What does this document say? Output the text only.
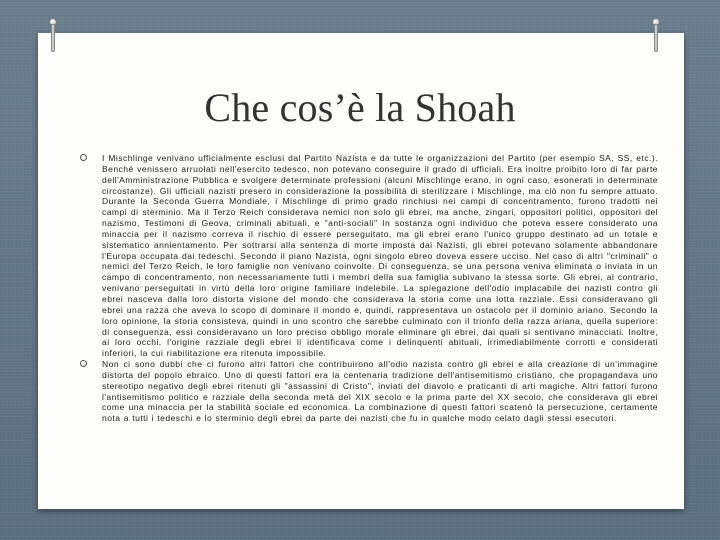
Che cos’è la Shoah
I Mischlinge venivano ufficialmente esclusi dal Partito Nazista e da tutte le organizzazioni del Partito (per esempio SA, SS, etc.). Benché venissero arruolati nell'esercito tedesco, non potevano conseguire il grado di ufficiali. Era inoltre proibito loro di far parte dell'Amministrazione Pubblica e svolgere determinate professioni (alcuni Mischlinge erano, in ogni caso, esonerati in determinate circostanze). Gli ufficiali nazisti presero in considerazione la possibilità di sterilizzare i Mischlinge, ma ciò non fu sempre attuato. Durante la Seconda Guerra Mondiale, i Mischlinge di primo grado rinchiusi nei campi di concentramento, furono tradotti nei campi di sterminio. Ma il Terzo Reich considerava nemici non solo gli ebrei, ma anche, zingari, oppositori politici, oppositori del nazismo, Testimoni di Geova, criminali abituali, e "anti-sociali" In sostanza ogni individuo che poteva essere considerato una minaccia per il nazismo correva il rischio di essere perseguitato, ma gli ebrei erano l'unico gruppo destinato ad un totale e sistematico annientamento. Per sottrarsi alla sentenza di morte imposta dai Nazisti, gli ebrei potevano solamente abbandonare l'Europa occupata dai tedeschi. Secondo il piano Nazista, ogni singolo ebreo doveva essere ucciso. Nel caso di altri "criminali" o nemici del Terzo Reich, le loro famiglie non venivano coinvolte. Di conseguenza, se una persona veniva eliminata o inviata in un campo di concentramento, non necessariamente tutti i membri della sua famiglia subivano la stessa sorte. Gli ebrei, al contrario, venivano perseguitati in virtù della loro origine familiare indelebile. La spiegazione dell'odio implacabile dei nazisti contro gli ebrei nasceva dalla loro distorta visione del mondo che considerava la storia come una lotta razziale. Essi consideravano gli ebrei una razza che aveva lo scopo di dominare il mondo e, quindi, rappresentava un ostacolo per il dominio ariano. Secondo la loro opinione, la storia consisteva, quindi in uno scontro che sarebbe culminato con il trionfo della razza ariana, quella superiore: di conseguenza, essi consideravano un loro preciso obbligo morale eliminare gli ebrei, dai quali si sentivano minacciati. Inoltre, ai loro occhi, l'origine razziale degli ebrei li identificava come i delinquenti abituali, irrimediabilmente corrotti e considerati inferiori, la cui riabilitazione era ritenuta impossibile.
Non ci sono dubbi che ci furono altri fattori che contribuirono all'odio nazista contro gli ebrei e alla creazione di un'immagine distorta del popolo ebraico. Uno di questi fattori era la centenaria tradizione dell'antisemitismo cristiano, che propagandava uno stereotipo negativo degli ebrei ritenuti gli "assassini di Cristo", inviati del diavolo e praticanti di arti magiche. Altri fattori furono l'antisemitismo politico e razziale della seconda metà del XIX secolo e la prima parte del XX secolo, che considerava gli ebrei come una minaccia per la stabilità sociale ed economica. La combinazione di questi fattori scatenò la persecuzione, certamente nota a tutti i tedeschi e lo sterminio degli ebrei da parte dei nazisti che fu in qualche modo celato dagli stessi esecutori.
